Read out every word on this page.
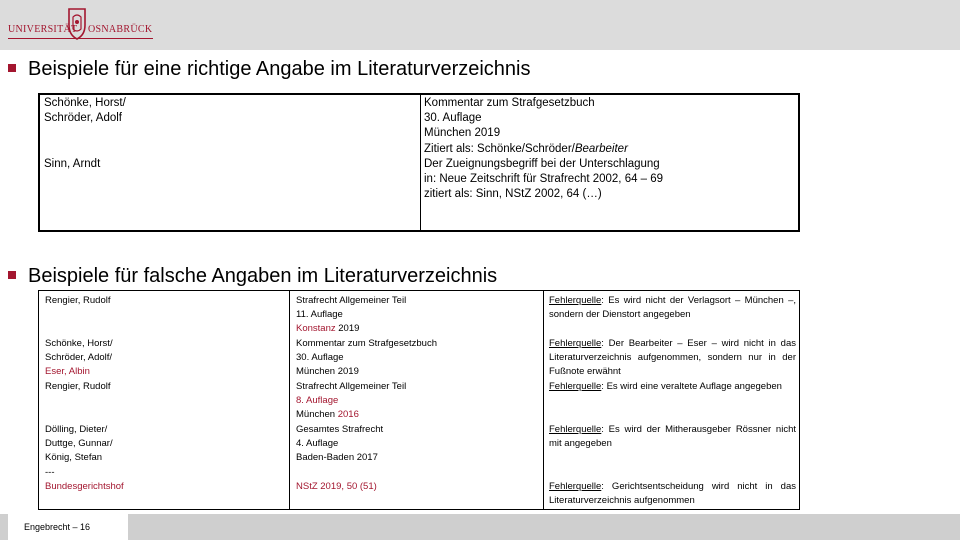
UNIVERSITÄT OSNABRÜCK
Beispiele für eine richtige Angabe im Literaturverzeichnis
Schönke, Horst/
Schröder, Adolf
Kommentar zum Strafgesetzbuch
30. Auflage
München 2019
Zitiert als: Schönke/Schröder/Bearbeiter
Sinn, Arndt	Der Zueignungsbegriff bei der Unterschlagung
in: Neue Zeitschrift für Strafrecht 2002, 64 – 69
zitiert als: Sinn, NStZ 2002, 64 (…)
Beispiele für falsche Angaben im Literaturverzeichnis
Rengier, Rudolf
Schönke, Horst/
Schröder, Adolf/
Eser, Albin
Rengier, Rudolf
Dölling, Dieter/
Duttge, Gunnar/
König, Stefan
---
Bundesgerichtshof
Strafrecht Allgemeiner Teil
11. Auflage
Konstanz 2019
Kommentar zum Strafgesetzbuch
30. Auflage
München 2019
Strafrecht Allgemeiner Teil
8. Auflage
München 2016
Gesamtes Strafrecht
4. Auflage
Baden-Baden 2017
NStZ 2019, 50 (51)
Fehlerquelle: Es wird nicht der Verlagsort – München –, sondern der Dienstort angegeben
Fehlerquelle: Der Bearbeiter – Eser – wird nicht in das Literaturverzeichnis aufgenommen, sondern nur in der Fußnote erwähnt
Fehlerquelle: Es wird eine veraltete Auflage angegeben
Fehlerquelle: Es wird der Mitherausgeber Rössner nicht mit angegeben
Fehlerquelle: Gerichtsentscheidung wird nicht in das Literaturverzeichnis aufgenommen
Engebrecht – 16
